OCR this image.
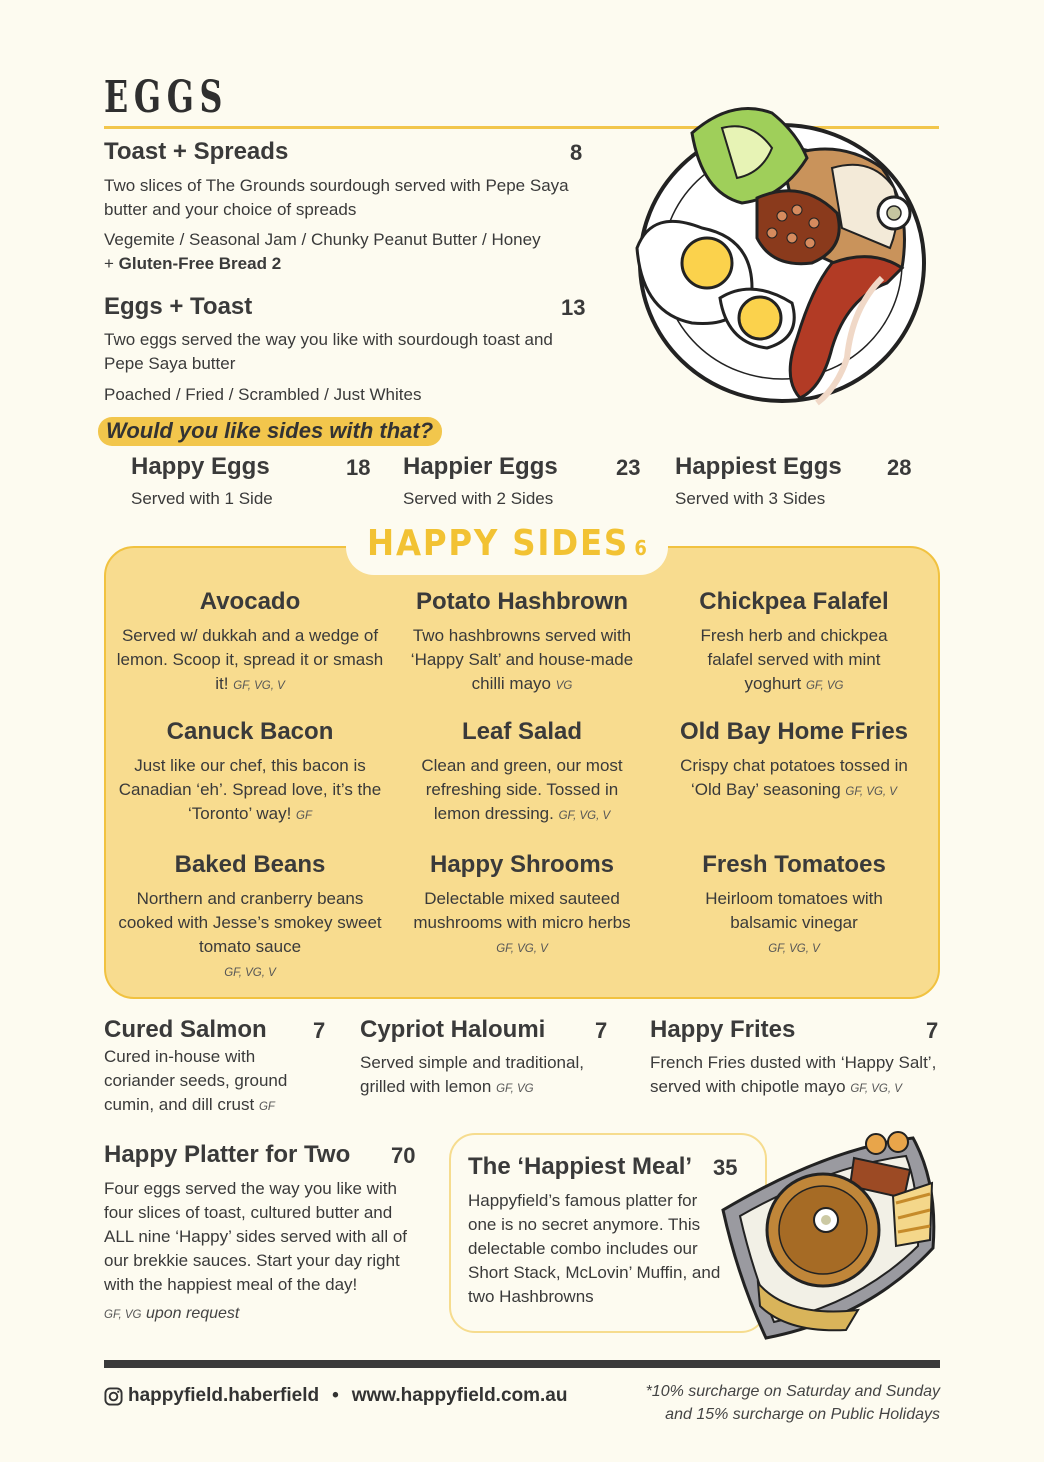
EGGS
Toast + Spreads	8
Two slices of The Grounds sourdough served with Pepe Saya butter and your choice of spreads
Vegemite / Seasonal Jam / Chunky Peanut Butter / Honey
+ Gluten-Free Bread 2
Eggs + Toast	13
Two eggs served the way you like with sourdough toast and Pepe Saya butter
Poached / Fried / Scrambled / Just Whites
Would you like sides with that?
Happy Eggs
Served with 1 Side
18 Happier Eggs
Served with 2 Sides
23 Happiest Eggs
Served with 3 Sides
28
HAPPY SIDES 6
Avocado
Served w/ dukkah and a wedge of lemon. Scoop it, spread it or smash it! GF, VG, V
Potato Hashbrown
Two hashbrowns served with ‘Happy Salt’ and house-made chilli mayo VG
Chickpea Falafel
Fresh herb and chickpea falafel served with mint yoghurt GF, VG
Canuck Bacon
Just like our chef, this bacon is Canadian ‘eh’. Spread love, it’s the ‘Toronto’ way! GF
Leaf Salad
Clean and green, our most refreshing side. Tossed in lemon dressing. GF, VG, V
Old Bay Home Fries
Crispy chat potatoes tossed in ‘Old Bay’ seasoning GF, VG, V
Baked Beans
Northern and cranberry beans cooked with Jesse’s smokey sweet tomato sauce
GF, VG, V
Happy Shrooms
Delectable mixed sauteed mushrooms with micro herbs
GF, VG, V
Fresh Tomatoes
Heirloom tomatoes with balsamic vinegar
GF, VG, V
Cured Salmon 7
Cured in-house with coriander seeds, ground cumin, and dill crust GF
Cypriot Haloumi 7
Served simple and traditional, grilled with lemon GF, VG
Happy Frites	7
French Fries dusted with ‘Happy Salt’, served with chipotle mayo GF, VG, V
Happy Platter for Two 70
Four eggs served the way you like with four slices of toast, cultured butter and ALL nine ‘Happy’ sides served with all of our brekkie sauces. Start your day right with the happiest meal of the day!
GF, VG upon request
The ‘Happiest Meal’ 35
Happyfield’s famous platter for one is no secret anymore. This delectable combo includes our Short Stack, McLovin’ Muffin, and two Hashbrowns
happyfield.haberfield • www.happyfield.com.au	*10% surcharge on Saturday and Sunday
and 15% surcharge on Public Holidays
